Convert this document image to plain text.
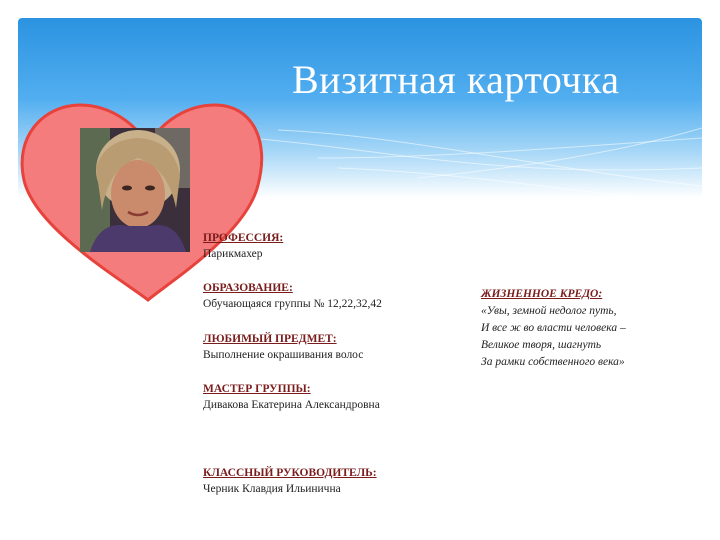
Визитная карточка
ПРОФЕССИЯ:
Парикмахер
ОБРАЗОВАНИЕ:
Обучающаяся группы № 12,22,32,42
ЛЮБИМЫЙ ПРЕДМЕТ:
Выполнение окрашивания волос
МАСТЕР ГРУППЫ:
Дивакова Екатерина Александровна
КЛАССНЫЙ РУКОВОДИТЕЛЬ:
Черник Клавдия Ильинична
ЖИЗНЕННОЕ КРЕДО:
«Увы, земной недолог путь,
И все ж во власти человека –
Великое творя, шагнуть
За рамки собственного века»
